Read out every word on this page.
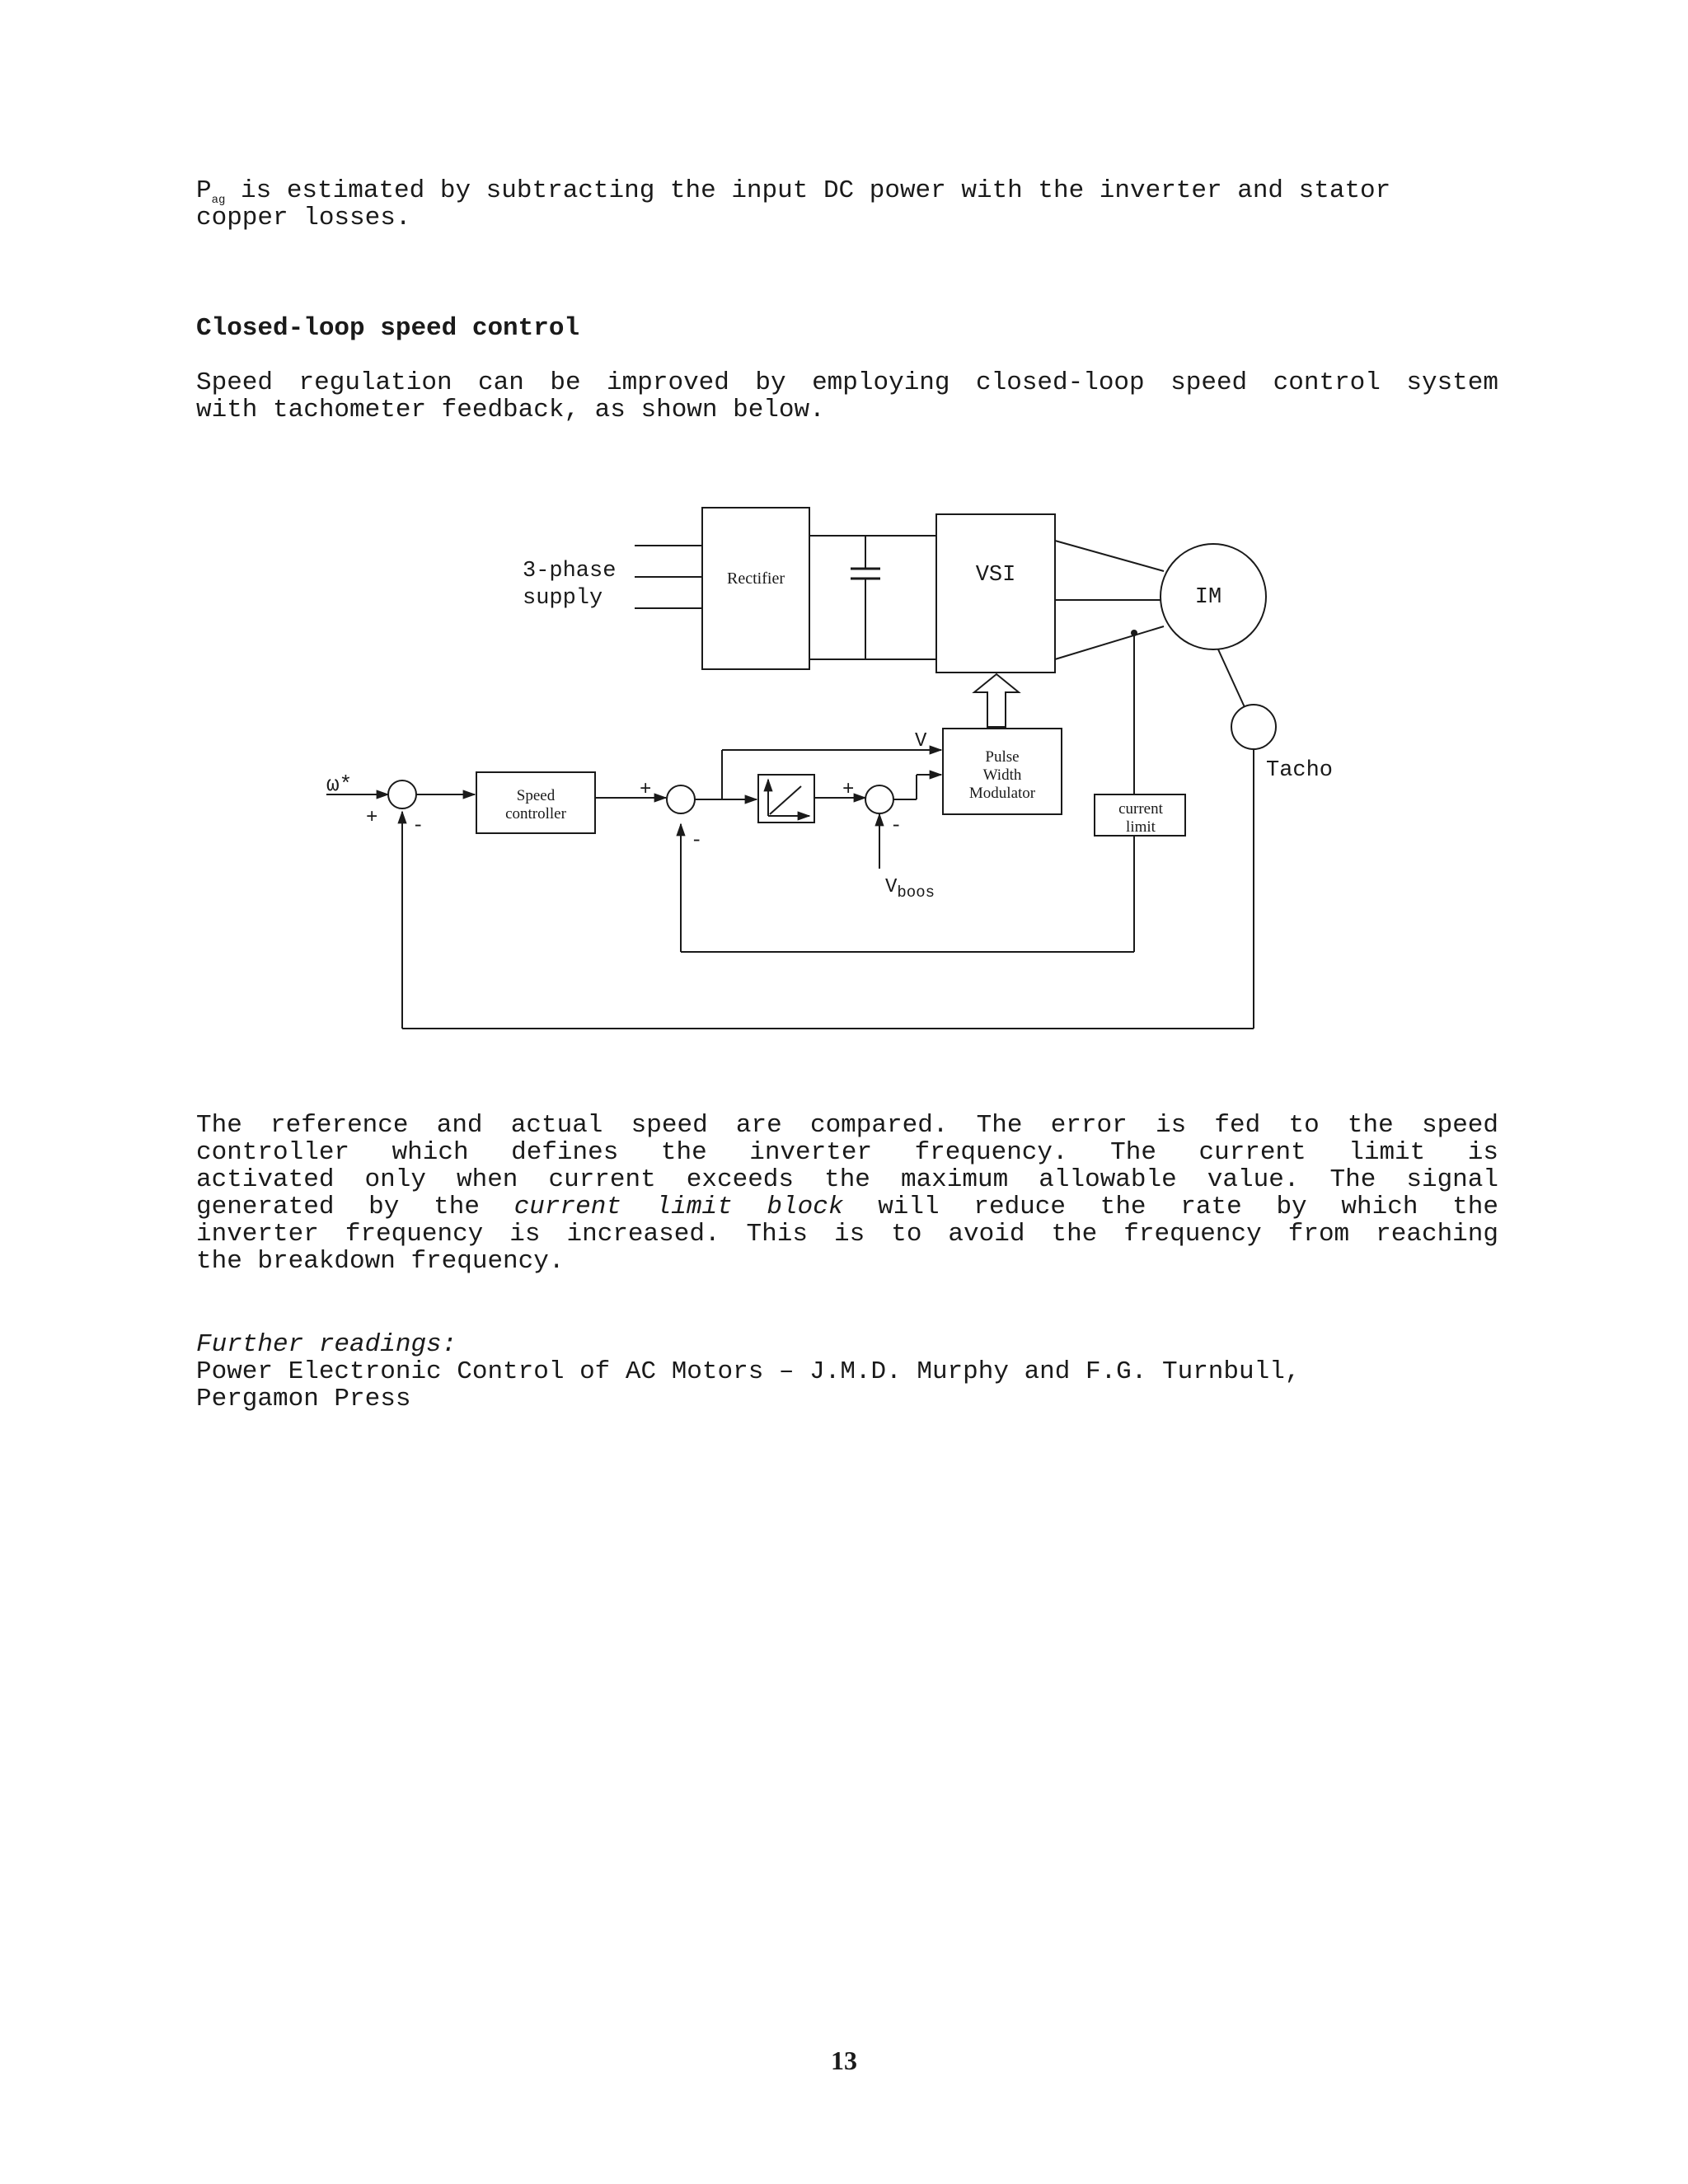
$P_{ag}$ is estimated by subtracting the input DC power with the inverter and stator
copper losses.
Closed-loop speed control
Speed regulation can be improved by employing closed-loop speed control system
with tachometer feedback, as shown below.
3-phase
supply
Rectifier	VSI
IM
Tacho
ω*	Speed
controller
Pulse
Width
Modulator
current
limit
V
$V_{boos}$
+ -
+
-
+
-
The reference and actual speed are compared. The error is fed to the speed
controller which defines the inverter frequency. The current limit is
activated only when current exceeds the maximum allowable value. The signal
generated by the current limit block will reduce the rate by which the
inverter frequency is increased. This is to avoid the frequency from reaching
the breakdown frequency.
Further readings:
Power Electronic Control of AC Motors – J.M.D. Murphy and F.G. Turnbull,
Pergamon Press
13
